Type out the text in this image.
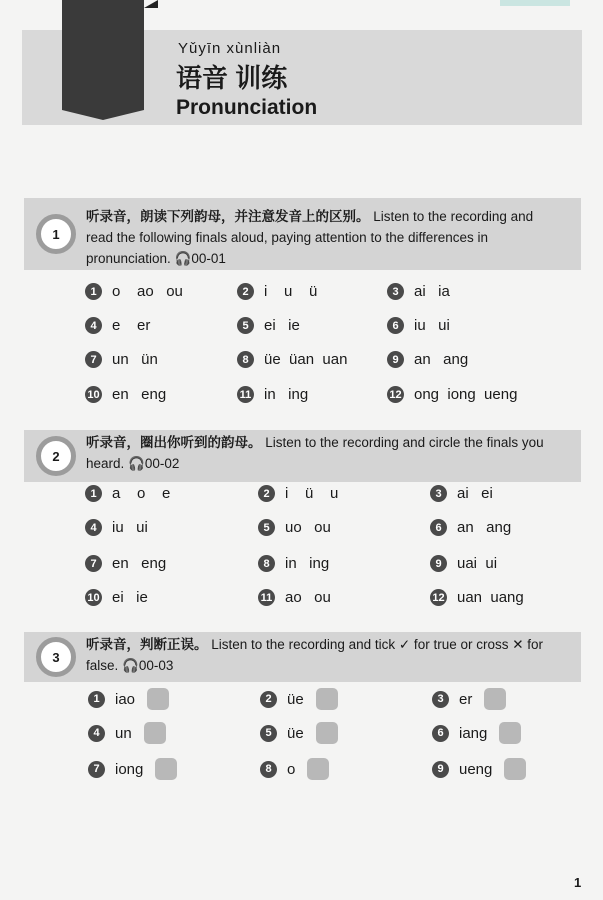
Yǔyīn xùnliàn
语音 训练
Pronunciation
1
听录音，朗读下列韵母，并注意发音上的区别。 Listen to the recording and read the following finals aloud, paying attention to the differences in pronunciation. 🎧00-01
2
听录音，圈出你听到的韵母。 Listen to the recording and circle the finals you heard. 🎧00-02
3
听录音，判断正误。 Listen to the recording and tick ✓ for true or cross ✕ for false. 🎧00-03
1
1	o    ao   ou	2	i    u    ü	3	ai   ia
4	e    er	5	ei   ie	6	iu   ui
7	un   ün	8	üe  üan  uan	9	an   ang
10 en   eng	11 in   ing	12 ong  iong  ueng
1	a    o    e	2	i    ü    u	3	ai   ei
4	iu   ui	5	uo   ou	6	an   ang
7	en   eng	8	in   ing	9	uai  ui
10 ei   ie	11 ao   ou	12 uan  uang
1	iao	2	üe	3	er
4	un	5	üe	6	iang
7	iong	8	o	9	ueng
